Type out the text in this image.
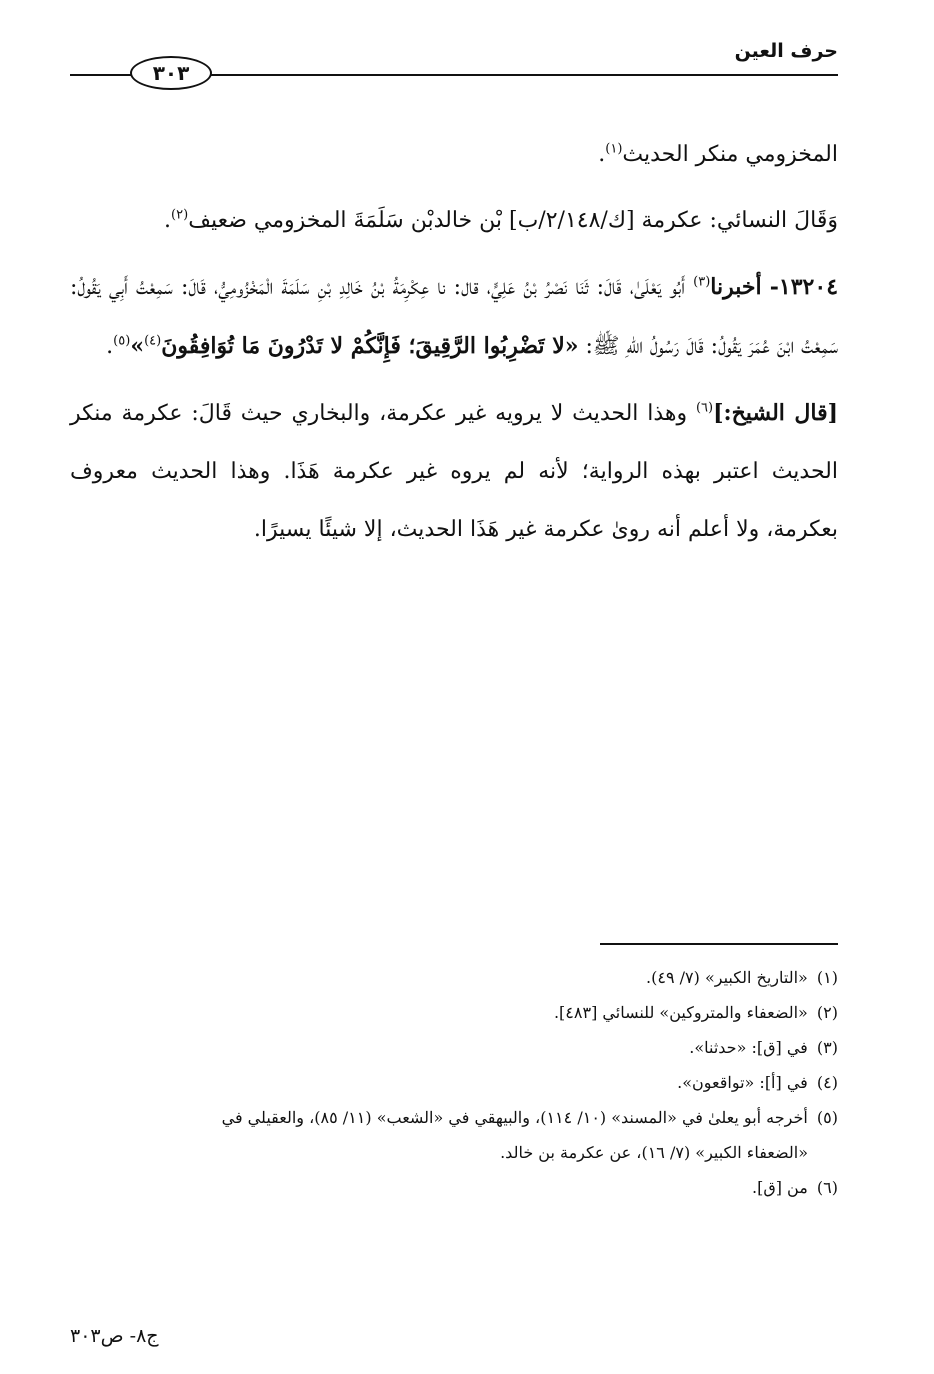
حرف العين
٣٠٣

المخزومي منكر الحديث$^{(١)}$.

وَقَالَ النسائي: عكرمة [ك/٢/١٤٨/ب] بْن خالدبْن سَلَمَةَ المخزومي ضعيف$^{(٢)}$.

١٣٢٠٤- أخبرنا$^{(٣)}$ أَبُو يَعْلَىٰ، قَالَ: ثَنَا نَصْرُ بْنُ عَلِيٍّ، قال: نا عِكْرِمَةُ بْنُ خَالِدِ بْنِ سَلَمَةَ الْمَخْزُومِيُّ، قَالَ: سَمِعْتُ أَبِي يَقُولُ: سَمِعْتُ ابْنَ عُمَرَ يَقُولُ: قَالَ رَسُولُ اللهِ ﷺ: «لا تَضْرِبُوا الرَّقِيقَ؛ فَإِنَّكُمْ لا تَدْرُونَ مَا تُوَافِقُونَ$^{(٤)}$»$^{(٥)}$.

[قال الشيخ:]$^{(٦)}$ وهذا الحديث لا يرويه غير عكرمة، والبخاري حيث قَالَ: عكرمة منكر الحديث اعتبر بهذه الرواية؛ لأنه لم يروه غير عكرمة هَذَا. وهذا الحديث معروف بعكرمة، ولا أعلم أنه روىٰ عكرمة غير هَذَا الحديث، إلا شيئًا يسيرًا.

(١) «التاريخ الكبير» (٧/ ٤٩).

(٢) «الضعفاء والمتروكين» للنسائي [٤٨٣].

(٣) في [ق]: «حدثنا».

(٤) في [أ]: «تواقعون».

(٥) أخرجه أبو يعلىٰ في «المسند» (١٠/ ١١٤)، والبيهقي في «الشعب» (١١/ ٨٥)، والعقيلي في

«الضعفاء الكبير» (٧/ ١٦)، عن عكرمة بن خالد.

(٦) من [ق].

ج٨- ص٣٠٣
